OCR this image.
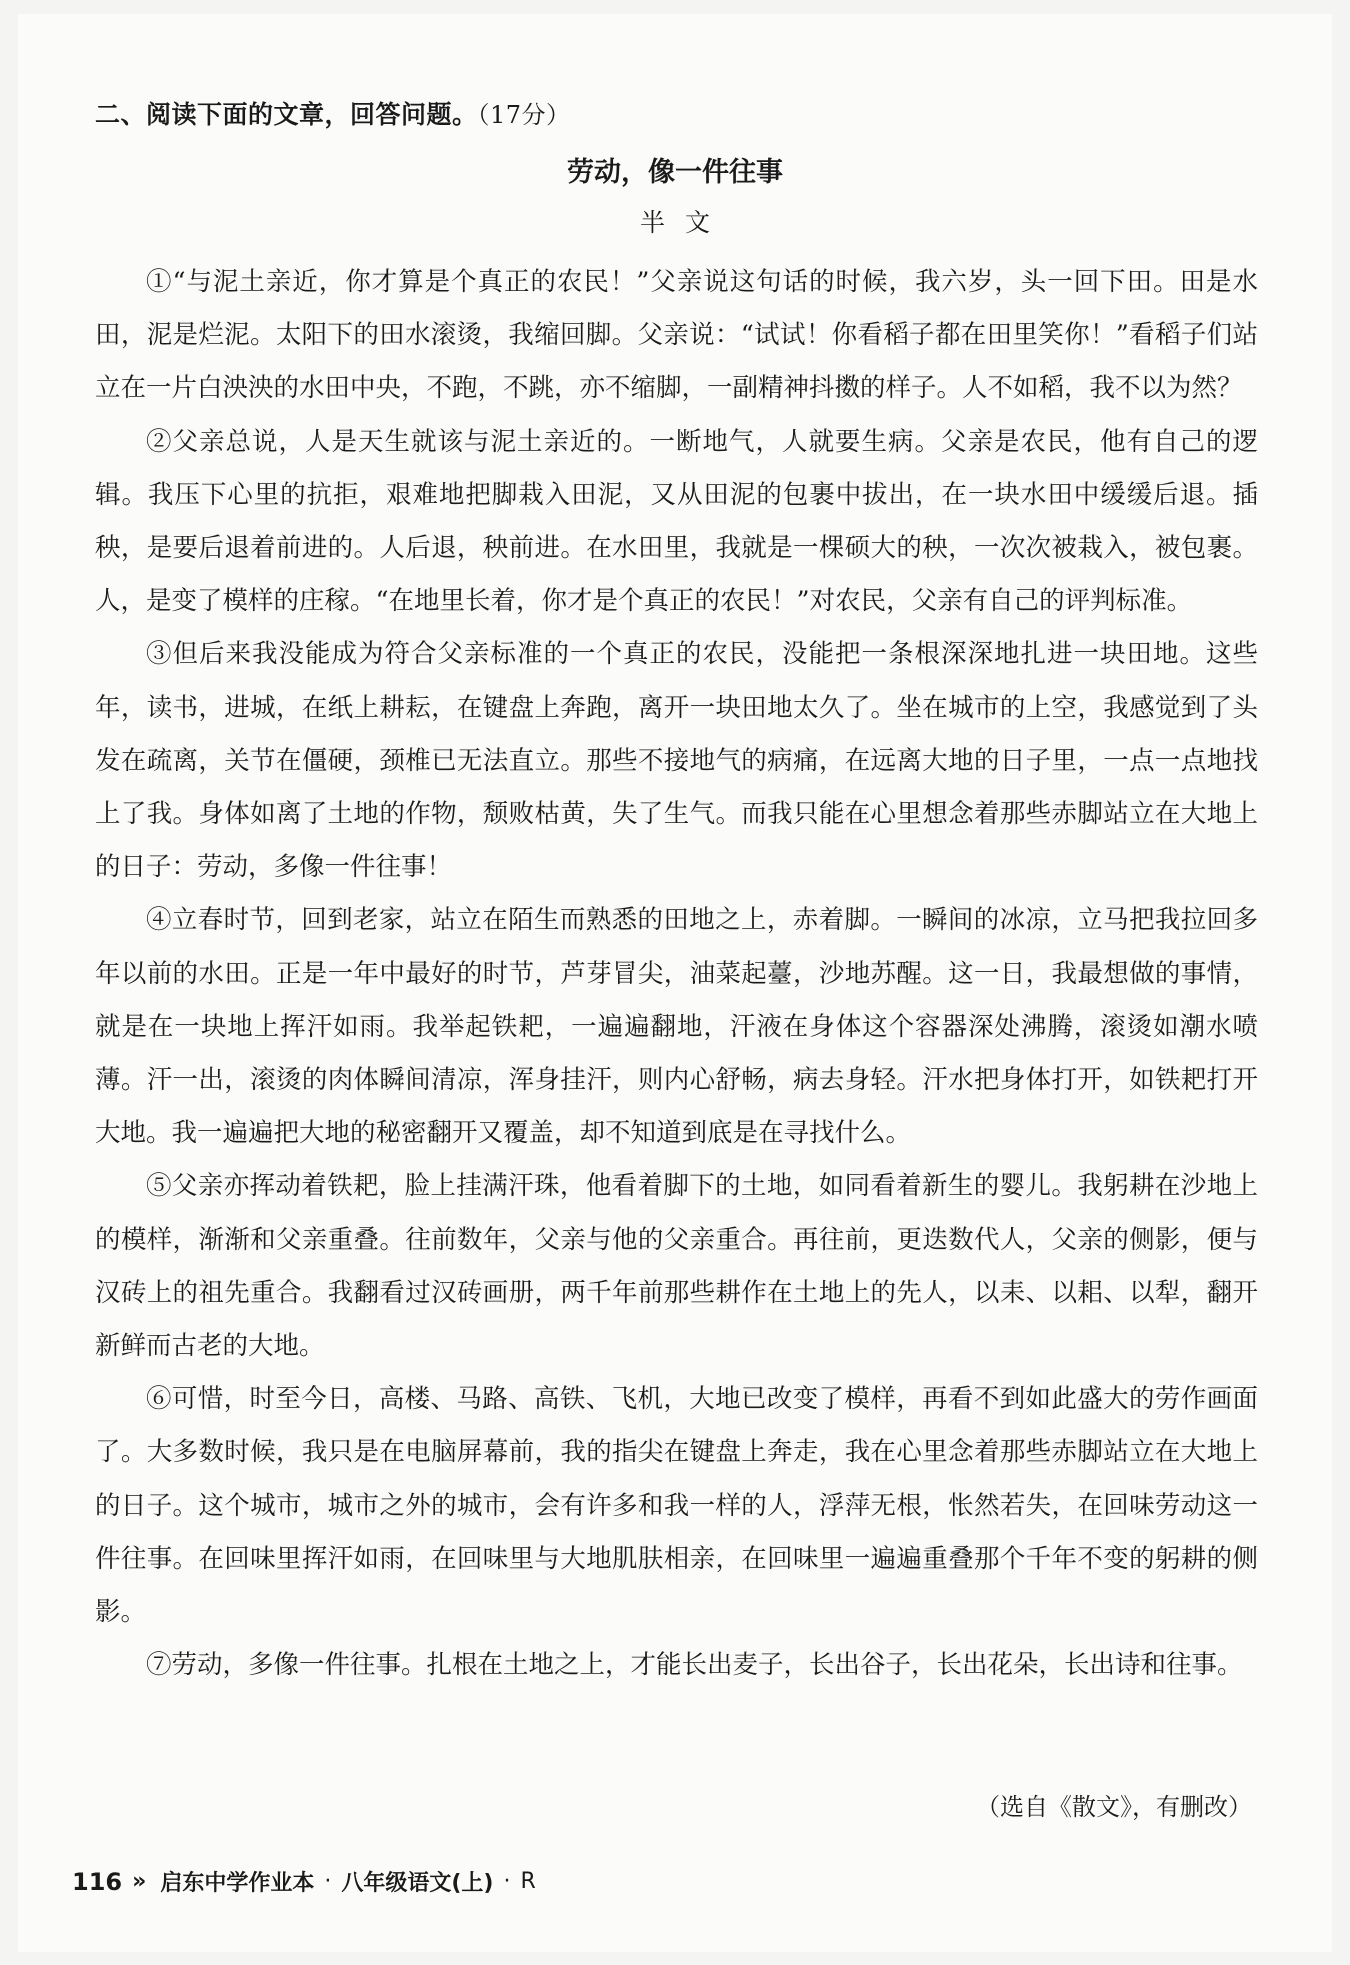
二、阅读下面的文章，回答问题。（17分）
劳动，像一件往事
半文

①“与泥土亲近，你才算是个真正的农民！”父亲说这句话的时候，我六岁，头一回下田。田是水田，泥是烂泥。太阳下的田水滚烫，我缩回脚。父亲说：“试试！你看稻子都在田里笑你！”看稻子们站立在一片白泱泱的水田中央，不跑，不跳，亦不缩脚，一副精神抖擞的样子。人不如稻，我不以为然？

②父亲总说，人是天生就该与泥土亲近的。一断地气，人就要生病。父亲是农民，他有自己的逻辑。我压下心里的抗拒，艰难地把脚栽入田泥，又从田泥的包裹中拔出，在一块水田中缓缓后退。插秧，是要后退着前进的。人后退，秧前进。在水田里，我就是一棵硕大的秧，一次次被栽入，被包裹。人，是变了模样的庄稼。“在地里长着，你才是个真正的农民！”对农民，父亲有自己的评判标准。

③但后来我没能成为符合父亲标准的一个真正的农民，没能把一条根深深地扎进一块田地。这些年，读书，进城，在纸上耕耘，在键盘上奔跑，离开一块田地太久了。坐在城市的上空，我感觉到了头发在疏离，关节在僵硬，颈椎已无法直立。那些不接地气的病痛，在远离大地的日子里，一点一点地找上了我。身体如离了土地的作物，颓败枯黄，失了生气。而我只能在心里想念着那些赤脚站立在大地上的日子：劳动，多像一件往事！

④立春时节，回到老家，站立在陌生而熟悉的田地之上，赤着脚。一瞬间的冰凉，立马把我拉回多年以前的水田。正是一年中最好的时节，芦芽冒尖，油菜起薹，沙地苏醒。这一日，我最想做的事情，就是在一块地上挥汗如雨。我举起铁耙，一遍遍翻地，汗液在身体这个容器深处沸腾，滚烫如潮水喷薄。汗一出，滚烫的肉体瞬间清凉，浑身挂汗，则内心舒畅，病去身轻。汗水把身体打开，如铁耙打开大地。我一遍遍把大地的秘密翻开又覆盖，却不知道到底是在寻找什么。

⑤父亲亦挥动着铁耙，脸上挂满汗珠，他看着脚下的土地，如同看着新生的婴儿。我躬耕在沙地上的模样，渐渐和父亲重叠。往前数年，父亲与他的父亲重合。再往前，更迭数代人，父亲的侧影，便与汉砖上的祖先重合。我翻看过汉砖画册，两千年前那些耕作在土地上的先人，以耒、以耜、以犁，翻开新鲜而古老的大地。

⑥可惜，时至今日，高楼、马路、高铁、飞机，大地已改变了模样，再看不到如此盛大的劳作画面了。大多数时候，我只是在电脑屏幕前，我的指尖在键盘上奔走，我在心里念着那些赤脚站立在大地上的日子。这个城市，城市之外的城市，会有许多和我一样的人，浮萍无根，怅然若失，在回味劳动这一件往事。在回味里挥汗如雨，在回味里与大地肌肤相亲，在回味里一遍遍重叠那个千年不变的躬耕的侧影。

⑦劳动，多像一件往事。扎根在土地之上，才能长出麦子，长出谷子，长出花朵，长出诗和往事。

（选自《散文》，有删改）
116 » 启东中学作业本 · 八年级语文(上) · R
